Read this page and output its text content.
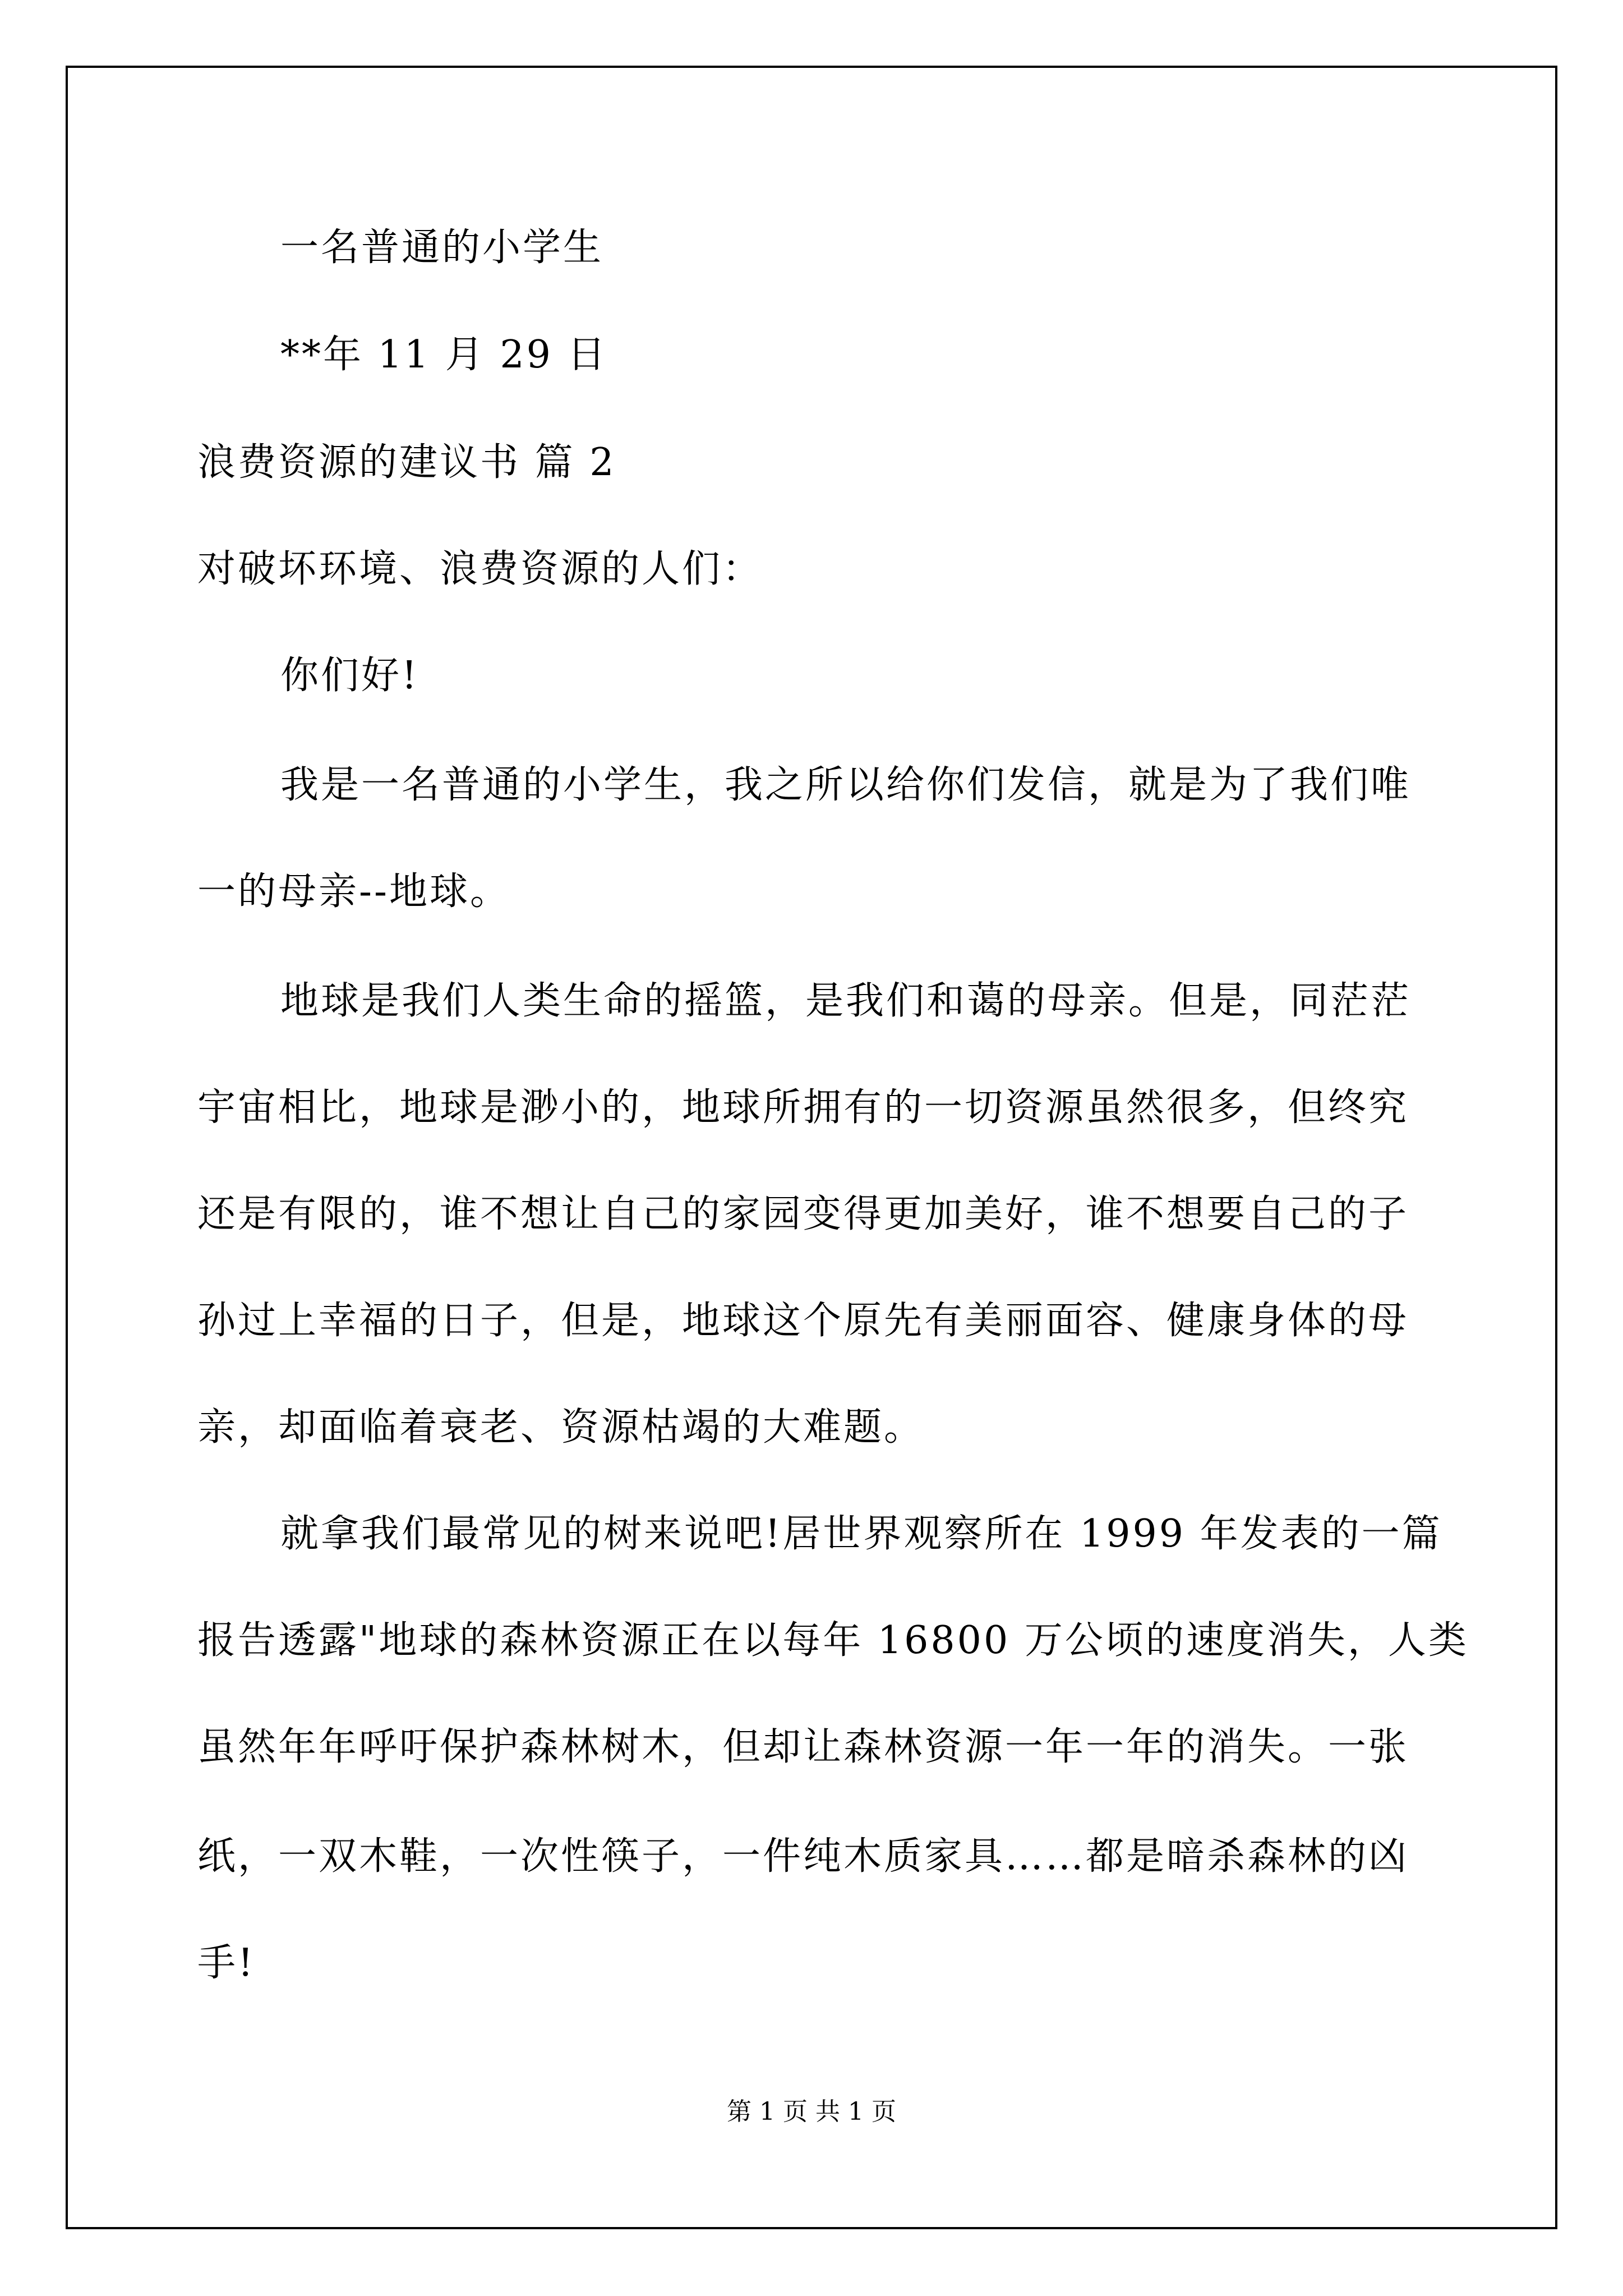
一名普通的小学生
**年 11 月 29 日
浪费资源的建议书 篇 2
对破坏环境、浪费资源的人们：
你们好!
我是一名普通的小学生，我之所以给你们发信，就是为了我们唯
一的母亲--地球。
地球是我们人类生命的摇篮，是我们和蔼的母亲。但是，同茫茫
宇宙相比，地球是渺小的，地球所拥有的一切资源虽然很多，但终究
还是有限的，谁不想让自己的家园变得更加美好，谁不想要自己的子
孙过上幸福的日子，但是，地球这个原先有美丽面容、健康身体的母
亲，却面临着衰老、资源枯竭的大难题。
就拿我们最常见的树来说吧!居世界观察所在 1999 年发表的一篇
报告透露"地球的森林资源正在以每年 16800 万公顷的速度消失，人类
虽然年年呼吁保护森林树木，但却让森林资源一年一年的消失。一张
纸，一双木鞋，一次性筷子，一件纯木质家具……都是暗杀森林的凶
手!
第 1 页 共 1 页
